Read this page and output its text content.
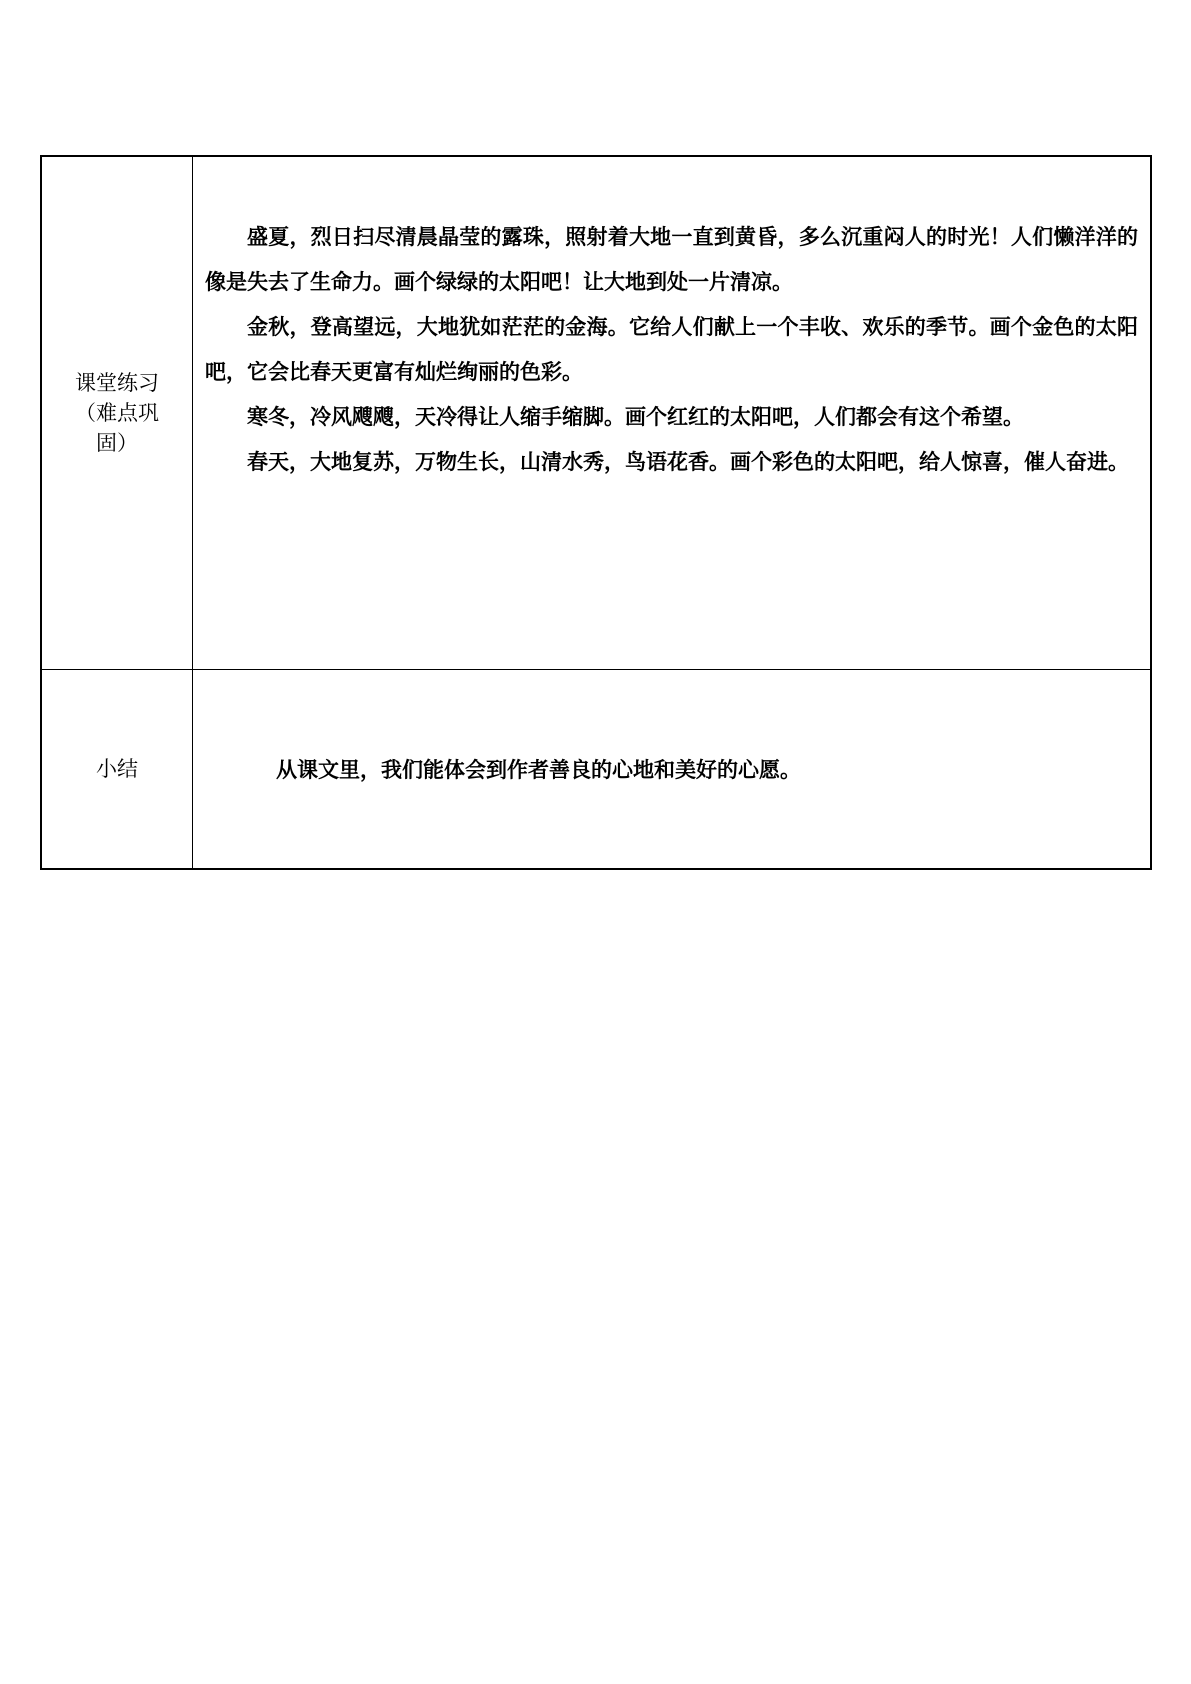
课堂练习（难点巩固）	盛夏，烈日扫尽清晨晶莹的露珠，照射着大地一直到黄昏，多么沉重闷人的时光！人们懒洋洋的像是失去了生命力。画个绿绿的太阳吧！让大地到处一片清凉。

金秋，登高望远，大地犹如茫茫的金海。它给人们献上一个丰收、欢乐的季节。画个金色的太阳吧，它会比春天更富有灿烂绚丽的色彩。

寒冬，冷风飕飕，天冷得让人缩手缩脚。画个红红的太阳吧，人们都会有这个希望。

春天，大地复苏，万物生长，山清水秀，鸟语花香。画个彩色的太阳吧，给人惊喜，催人奋进。

小结	从课文里，我们能体会到作者善良的心地和美好的心愿。
